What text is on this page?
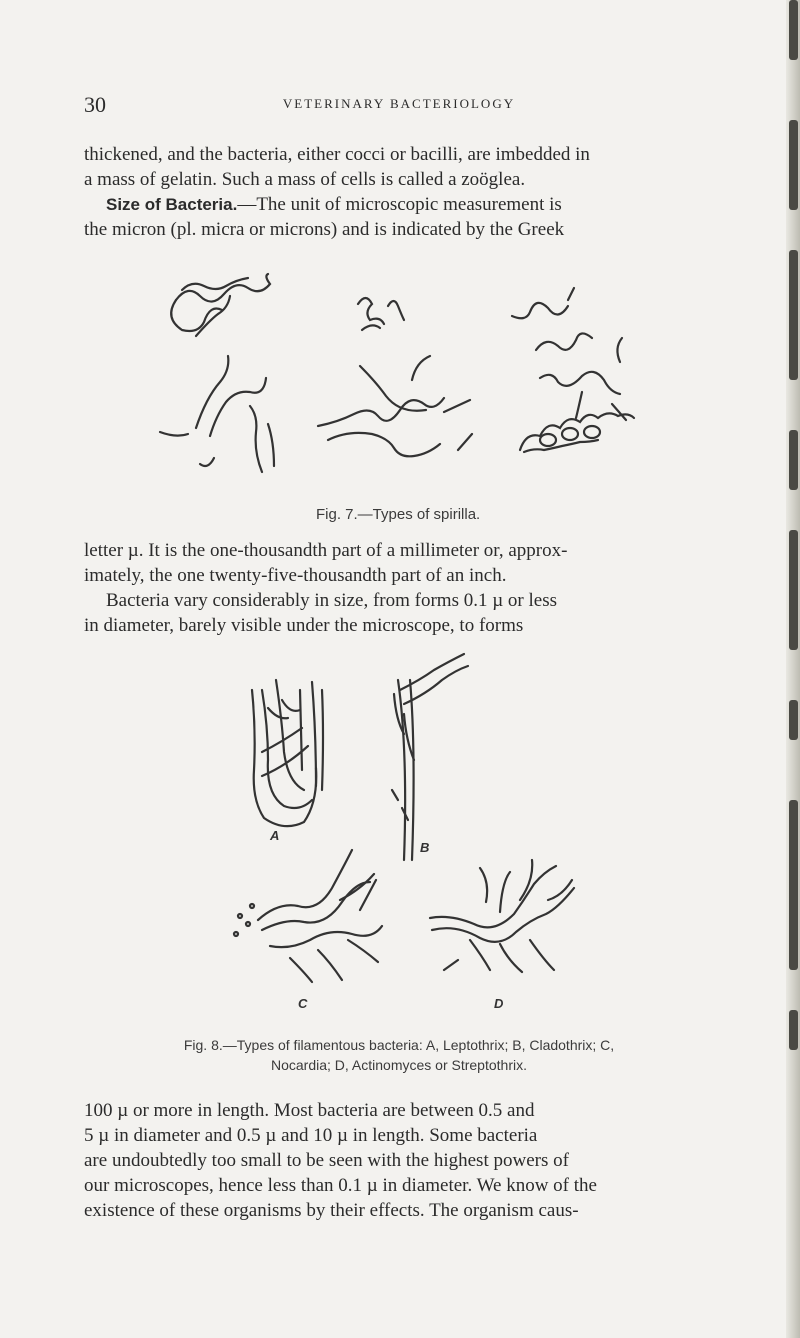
30	VETERINARY BACTERIOLOGY
thickened, and the bacteria, either cocci or bacilli, are imbedded in
a mass of gelatin. Such a mass of cells is called a zoöglea.
Size of Bacteria.—The unit of microscopic measurement is
the micron (pl. micra or microns) and is indicated by the Greek
Fig. 7.—Types of spirilla.
letter µ. It is the one-thousandth part of a millimeter or, approx-
imately, the one twenty-five-thousandth part of an inch.
Bacteria vary considerably in size, from forms 0.1 µ or less
in diameter, barely visible under the microscope, to forms
A
B
C	D
Fig. 8.—Types of filamentous bacteria: A, Leptothrix; B, Cladothrix; C,
Nocardia; D, Actinomyces or Streptothrix.
100 µ or more in length. Most bacteria are between 0.5 and
5 µ in diameter and 0.5 µ and 10 µ in length. Some bacteria
are undoubtedly too small to be seen with the highest powers of
our microscopes, hence less than 0.1 µ in diameter. We know of the
existence of these organisms by their effects. The organism caus-
